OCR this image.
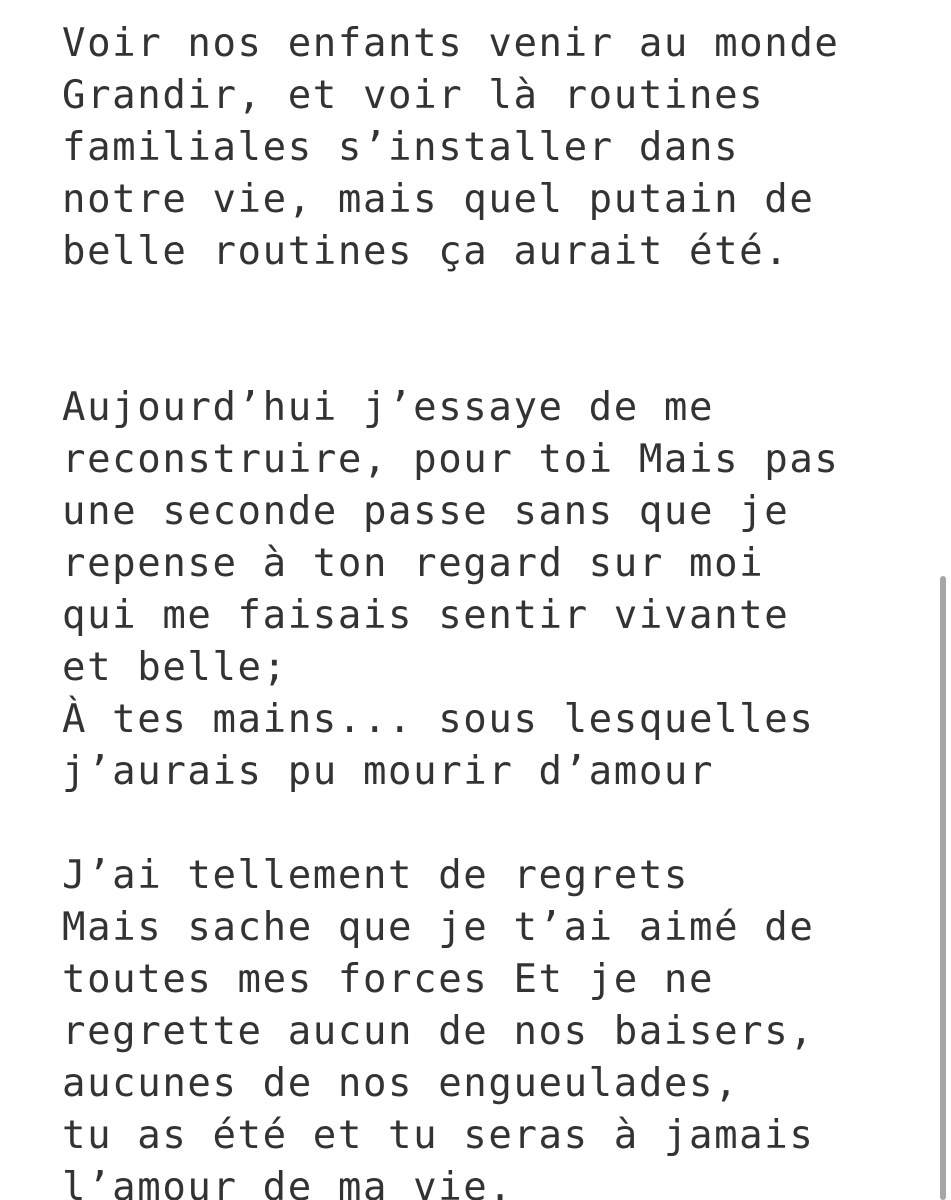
Voir nos enfants venir au monde
Grandir, et voir là routines
familiales s’installer dans
notre vie, mais quel putain de
belle routines ça aurait été.
Aujourd’hui j’essaye de me
reconstruire, pour toi Mais pas
une seconde passe sans que je
repense à ton regard sur moi
qui me faisais sentir vivante
et belle;
À tes mains... sous lesquelles
j’aurais pu mourir d’amour
J’ai tellement de regrets
Mais sache que je t’ai aimé de
toutes mes forces Et je ne
regrette aucun de nos baisers,
aucunes de nos engueulades,
tu as été et tu seras à jamais
l’amour de ma vie.
